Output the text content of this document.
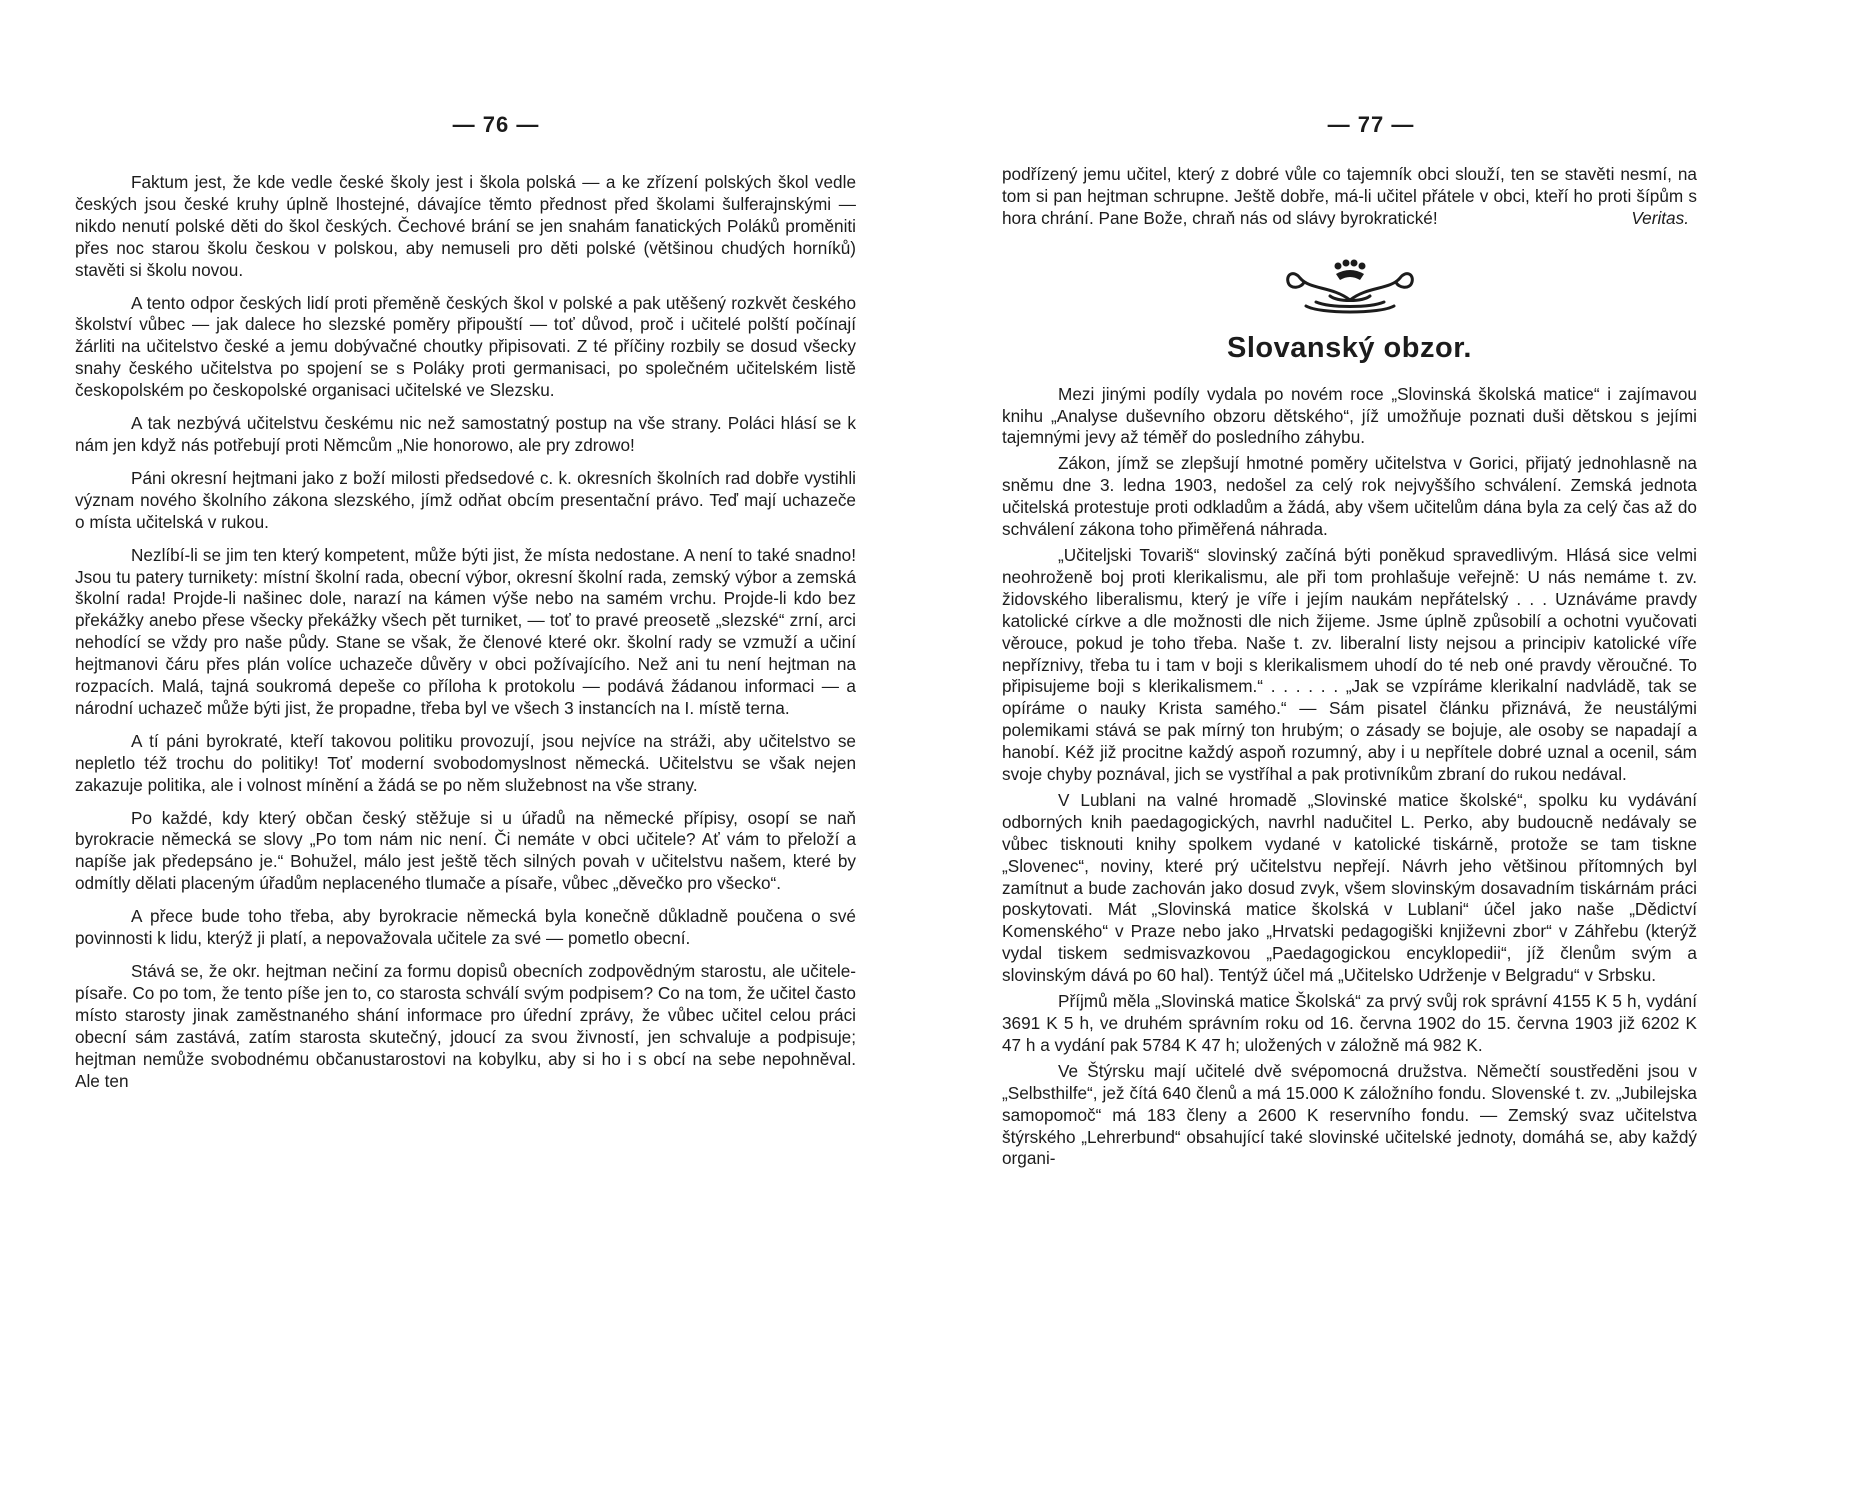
— 76 —

Faktum jest, že kde vedle české školy jest i škola polská — a ke zřízení polských škol vedle českých jsou české kruhy úplně lhostejné, dávajíce těmto přednost před školami šulferajnskými — nikdo nenutí polské děti do škol českých. Čechové brání se jen snahám fanatických Poláků proměniti přes noc starou školu českou v polskou, aby nemuseli pro děti polské (většinou chudých horníků) stavěti si školu novou.

A tento odpor českých lidí proti přeměně českých škol v polské a pak utěšený rozkvět českého školství vůbec — jak dalece ho slezské poměry připouští — toť důvod, proč i učitelé polští počínají žárliti na učitelstvo české a jemu dobývačné choutky připisovati. Z té příčiny rozbily se dosud všecky snahy českého učitelstva po spojení se s Poláky proti germanisaci, po společném učitelském listě českopolském po českopolské organisaci učitelské ve Slezsku.

A tak nezbývá učitelstvu českému nic než samostatný postup na vše strany. Poláci hlásí se k nám jen když nás potřebují proti Němcům „Nie honorowo, ale pry zdrowo!

Páni okresní hejtmani jako z boží milosti předsedové c. k. okresních školních rad dobře vystihli význam nového školního zákona slezského, jímž odňat obcím presentační právo. Teď mají uchazeče o místa učitelská v rukou.

Nezlíbí-li se jim ten který kompetent, může býti jist, že místa nedostane. A není to také snadno! Jsou tu patery turnikety: místní školní rada, obecní výbor, okresní školní rada, zemský výbor a zemská školní rada! Projde-li našinec dole, narazí na kámen výše nebo na samém vrchu. Projde-li kdo bez překážky anebo přese všecky překážky všech pět turniket, — toť to pravé preosetě „slezské“ zrní, arci nehodící se vždy pro naše půdy. Stane se však, že členové které okr. školní rady se vzmuží a učiní hejtmanovi čáru přes plán volíce uchazeče důvěry v obci požívajícího. Než ani tu není hejtman na rozpacích. Malá, tajná soukromá depeše co příloha k protokolu — podává žádanou informaci — a národní uchazeč může býti jist, že propadne, třeba byl ve všech 3 instancích na I. místě terna.

A tí páni byrokraté, kteří takovou politiku provozují, jsou nejvíce na stráži, aby učitelstvo se nepletlo též trochu do politiky! Toť moderní svobodomyslnost německá. Učitelstvu se však nejen zakazuje politika, ale i volnost mínění a žádá se po něm služebnost na vše strany.

Po každé, kdy který občan český stěžuje si u úřadů na německé přípisy, osopí se naň byrokracie německá se slovy „Po tom nám nic není. Či nemáte v obci učitele? Ať vám to přeloží a napíše jak předepsáno je.“ Bohužel, málo jest ještě těch silných povah v učitelstvu našem, které by odmítly dělati placeným úřadům neplaceného tlumače a písaře, vůbec „děvečko pro všecko“.

A přece bude toho třeba, aby byrokracie německá byla konečně důkladně poučena o své povinnosti k lidu, kterýž ji platí, a nepovažovala učitele za své — pometlo obecní.

Stává se, že okr. hejtman nečiní za formu dopisů obecních zodpovědným starostu, ale učitele-písaře. Co po tom, že tento píše jen to, co starosta schválí svým podpisem? Co na tom, že učitel často místo starosty jinak zaměstnaného shání informace pro úřední zprávy, že vůbec učitel celou práci obecní sám zastává, zatím starosta skutečný, jdoucí za svou živností, jen schvaluje a podpisuje; hejtman nemůže svobodnému občanustarostovi na kobylku, aby si ho i s obcí na sebe nepohněval. Ale ten

— 77 —

podřízený jemu učitel, který z dobré vůle co tajemník obci slouží, ten se stavěti nesmí, na tom si pan hejtman schrupne. Ještě dobře, má-li učitel přátele v obci, kteří ho proti šípům s hora chrání. Pane Bože, chraň nás od slávy byrokratické!	Veritas.

Slovanský obzor.

Mezi jinými podíly vydala po novém roce „Slovinská školská matice“ i zajímavou knihu „Analyse duševního obzoru dětského“, jíž umožňuje poznati duši dětskou s jejími tajemnými jevy až téměř do posledního záhybu.

Zákon, jímž se zlepšují hmotné poměry učitelstva v Gorici, přijatý jednohlasně na sněmu dne 3. ledna 1903, nedošel za celý rok nejvyššího schválení. Zemská jednota učitelská protestuje proti odkladům a žádá, aby všem učitelům dána byla za celý čas až do schválení zákona toho přiměřená náhrada.

„Učiteljski Tovariš“ slovinský začíná býti poněkud spravedlivým. Hlásá sice velmi neohroženě boj proti klerikalismu, ale při tom prohlašuje veřejně: U nás nemáme t. zv. židovského liberalismu, který je víře i jejím naukám nepřátelský . . . Uznáváme pravdy katolické církve a dle možnosti dle nich žijeme. Jsme úplně způsobilí a ochotni vyučovati věrouce, pokud je toho třeba. Naše t. zv. liberalní listy nejsou a principiv katolické víře nepříznivy, třeba tu i tam v boji s klerikalismem uhodí do té neb oné pravdy věroučné. To připisujeme boji s klerikalismem.“ . . . . . . „Jak se vzpíráme klerikalní nadvládě, tak se opíráme o nauky Krista samého.“ — Sám pisatel článku přiznává, že neustálými polemikami stává se pak mírný ton hrubým; o zásady se bojuje, ale osoby se napadají a hanobí. Kéž již procitne každý aspoň rozumný, aby i u nepřítele dobré uznal a ocenil, sám svoje chyby poznával, jich se vystříhal a pak protivníkům zbraní do rukou nedával.

V Lublani na valné hromadě „Slovinské matice školské“, spolku ku vydávání odborných knih paedagogických, navrhl nadučitel L. Perko, aby budoucně nedávaly se vůbec tisknouti knihy spolkem vydané v katolické tiskárně, protože se tam tiskne „Slovenec“, noviny, které prý učitelstvu nepřejí. Návrh jeho většinou přítomných byl zamítnut a bude zachován jako dosud zvyk, všem slovinským dosavadním tiskárnám práci poskytovati. Mát „Slovinská matice školská v Lublani“ účel jako naše „Dědictví Komenského“ v Praze nebo jako „Hrvatski pedagogiški književni zbor“ v Záhřebu (kterýž vydal tiskem sedmisvazkovou „Paedagogickou encyklopedii“, jíž členům svým a slovinským dává po 60 hal). Tentýž účel má „Učitelsko Udrženje v Belgradu“ v Srbsku.

Příjmů měla „Slovinská matice Školská“ za prvý svůj rok správní 4155 K 5 h, vydání 3691 K 5 h, ve druhém správním roku od 16. června 1902 do 15. června 1903 již 6202 K 47 h a vydání pak 5784 K 47 h; uložených v záložně má 982 K.

Ve Štýrsku mají učitelé dvě svépomocná družstva. Němečtí soustředěni jsou v „Selbsthilfe“, jež čítá 640 členů a má 15.000 K záložního fondu. Slovenské t. zv. „Jubilejska samopomoč“ má 183 členy a 2600 K reservního fondu. — Zemský svaz učitelstva štýrského „Lehrerbund“ obsahující také slovinské učitelské jednoty, domáhá se, aby každý organi-
